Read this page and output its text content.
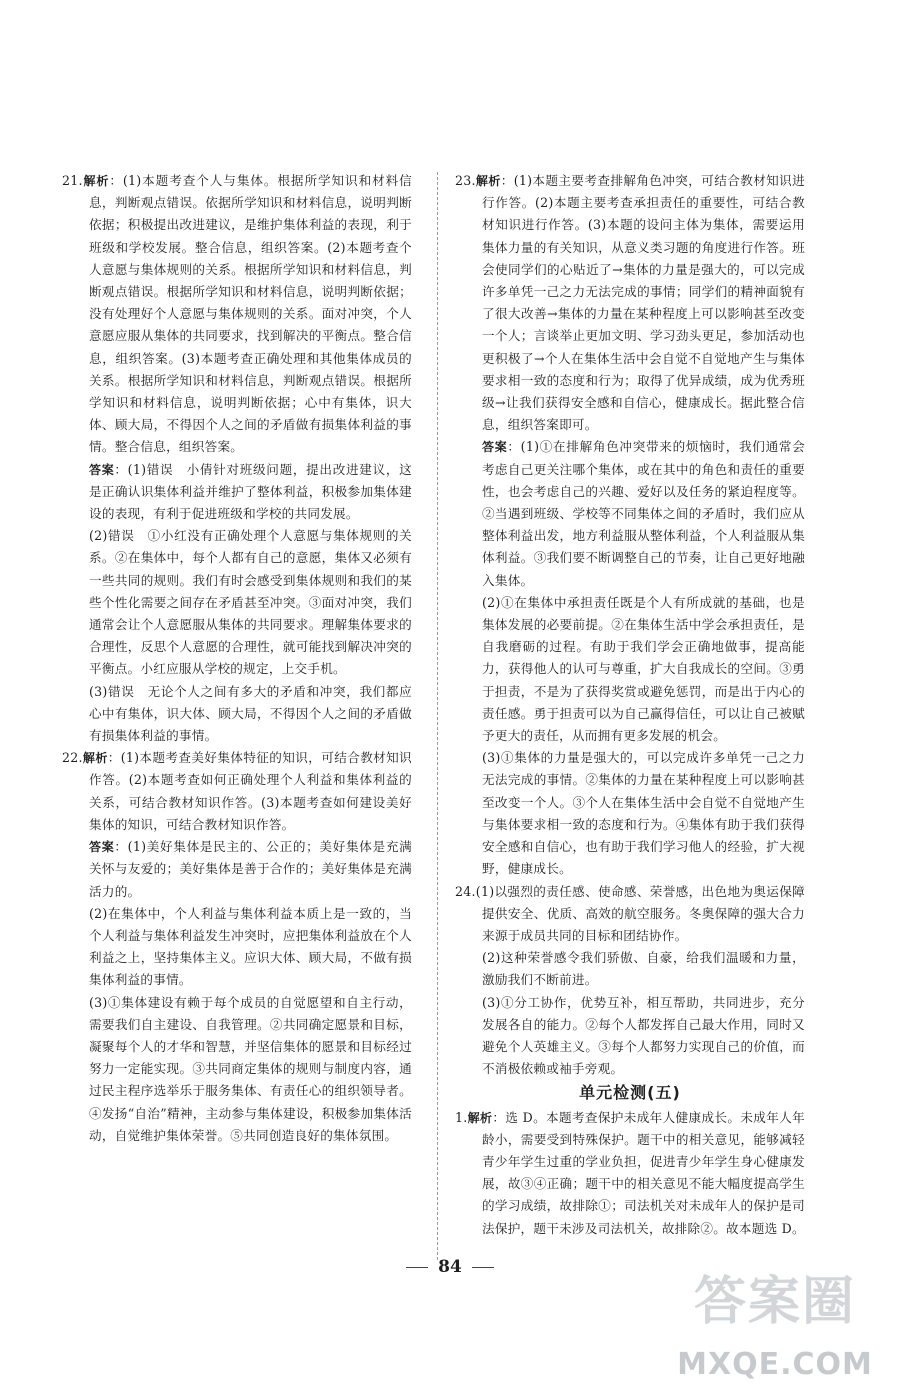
21.解析：(1)本题考查个人与集体。根据所学知识和材料信息，判断观点错误。依据所学知识和材料信息，说明判断依据；积极提出改进建议，是维护集体利益的表现，利于班级和学校发展。整合信息，组织答案。(2)本题考查个人意愿与集体规则的关系。根据所学知识和材料信息，判断观点错误。根据所学知识和材料信息，说明判断依据；没有处理好个人意愿与集体规则的关系。面对冲突，个人意愿应服从集体的共同要求，找到解决的平衡点。整合信息，组织答案。(3)本题考查正确处理和其他集体成员的关系。根据所学知识和材料信息，判断观点错误。根据所学知识和材料信息，说明判断依据；心中有集体，识大体、顾大局，不得因个人之间的矛盾做有损集体利益的事情。整合信息，组织答案。

答案：(1)错误　小倩针对班级问题，提出改进建议，这是正确认识集体利益并维护了整体利益，积极参加集体建设的表现，有利于促进班级和学校的共同发展。

(2)错误　①小红没有正确处理个人意愿与集体规则的关系。②在集体中，每个人都有自己的意愿，集体又必须有一些共同的规则。我们有时会感受到集体规则和我们的某些个性化需要之间存在矛盾甚至冲突。③面对冲突，我们通常会让个人意愿服从集体的共同要求。理解集体要求的合理性，反思个人意愿的合理性，就可能找到解决冲突的平衡点。小红应服从学校的规定，上交手机。

(3)错误　无论个人之间有多大的矛盾和冲突，我们都应心中有集体，识大体、顾大局，不得因个人之间的矛盾做有损集体利益的事情。

22.解析：(1)本题考查美好集体特征的知识，可结合教材知识作答。(2)本题考查如何正确处理个人利益和集体利益的关系，可结合教材知识作答。(3)本题考查如何建设美好集体的知识，可结合教材知识作答。

答案：(1)美好集体是民主的、公正的；美好集体是充满关怀与友爱的；美好集体是善于合作的；美好集体是充满活力的。

(2)在集体中，个人利益与集体利益本质上是一致的，当个人利益与集体利益发生冲突时，应把集体利益放在个人利益之上，坚持集体主义。应识大体、顾大局，不做有损集体利益的事情。

(3)①集体建设有赖于每个成员的自觉愿望和自主行动，需要我们自主建设、自我管理。②共同确定愿景和目标，凝聚每个人的才华和智慧，并坚信集体的愿景和目标经过努力一定能实现。③共同商定集体的规则与制度内容，通过民主程序选举乐于服务集体、有责任心的组织领导者。④发扬“自治”精神，主动参与集体建设，积极参加集体活动，自觉维护集体荣誉。⑤共同创造良好的集体氛围。

23.解析：(1)本题主要考查排解角色冲突，可结合教材知识进行作答。(2)本题主要考查承担责任的重要性，可结合教材知识进行作答。(3)本题的设问主体为集体，需要运用集体力量的有关知识，从意义类习题的角度进行作答。班会使同学们的心贴近了→集体的力量是强大的，可以完成许多单凭一己之力无法完成的事情；同学们的精神面貌有了很大改善→集体的力量在某种程度上可以影响甚至改变一个人；言谈举止更加文明、学习劲头更足，参加活动也更积极了→个人在集体生活中会自觉不自觉地产生与集体要求相一致的态度和行为；取得了优异成绩，成为优秀班级→让我们获得安全感和自信心，健康成长。据此整合信息，组织答案即可。

答案：(1)①在排解角色冲突带来的烦恼时，我们通常会考虑自己更关注哪个集体，或在其中的角色和责任的重要性，也会考虑自己的兴趣、爱好以及任务的紧迫程度等。②当遇到班级、学校等不同集体之间的矛盾时，我们应从整体利益出发，地方利益服从整体利益，个人利益服从集体利益。③我们要不断调整自己的节奏，让自己更好地融入集体。

(2)①在集体中承担责任既是个人有所成就的基础，也是集体发展的必要前提。②在集体生活中学会承担责任，是自我磨砺的过程。有助于我们学会正确地做事，提高能力，获得他人的认可与尊重，扩大自我成长的空间。③勇于担责，不是为了获得奖赏或避免惩罚，而是出于内心的责任感。勇于担责可以为自己赢得信任，可以让自己被赋予更大的责任，从而拥有更多发展的机会。

(3)①集体的力量是强大的，可以完成许多单凭一己之力无法完成的事情。②集体的力量在某种程度上可以影响甚至改变一个人。③个人在集体生活中会自觉不自觉地产生与集体要求相一致的态度和行为。④集体有助于我们获得安全感和自信心，也有助于我们学习他人的经验，扩大视野，健康成长。

24.(1)以强烈的责任感、使命感、荣誉感，出色地为奥运保障提供安全、优质、高效的航空服务。冬奥保障的强大合力来源于成员共同的目标和团结协作。

(2)这种荣誉感令我们骄傲、自豪，给我们温暖和力量，激励我们不断前进。

(3)①分工协作，优势互补，相互帮助，共同进步，充分发展各自的能力。②每个人都发挥自己最大作用，同时又避免个人英雄主义。③每个人都努力实现自己的价值，而不消极依赖或袖手旁观。

单元检测(五)

1.解析：选 D。本题考查保护未成年人健康成长。未成年人年龄小，需要受到特殊保护。题干中的相关意见，能够减轻青少年学生过重的学业负担，促进青少年学生身心健康发展，故③④正确；题干中的相关意见不能大幅度提高学生的学习成绩，故排除①；司法机关对未成年人的保护是司法保护，题干未涉及司法机关，故排除②。故本题选 D。

84
答案圈
MXQE.COM
